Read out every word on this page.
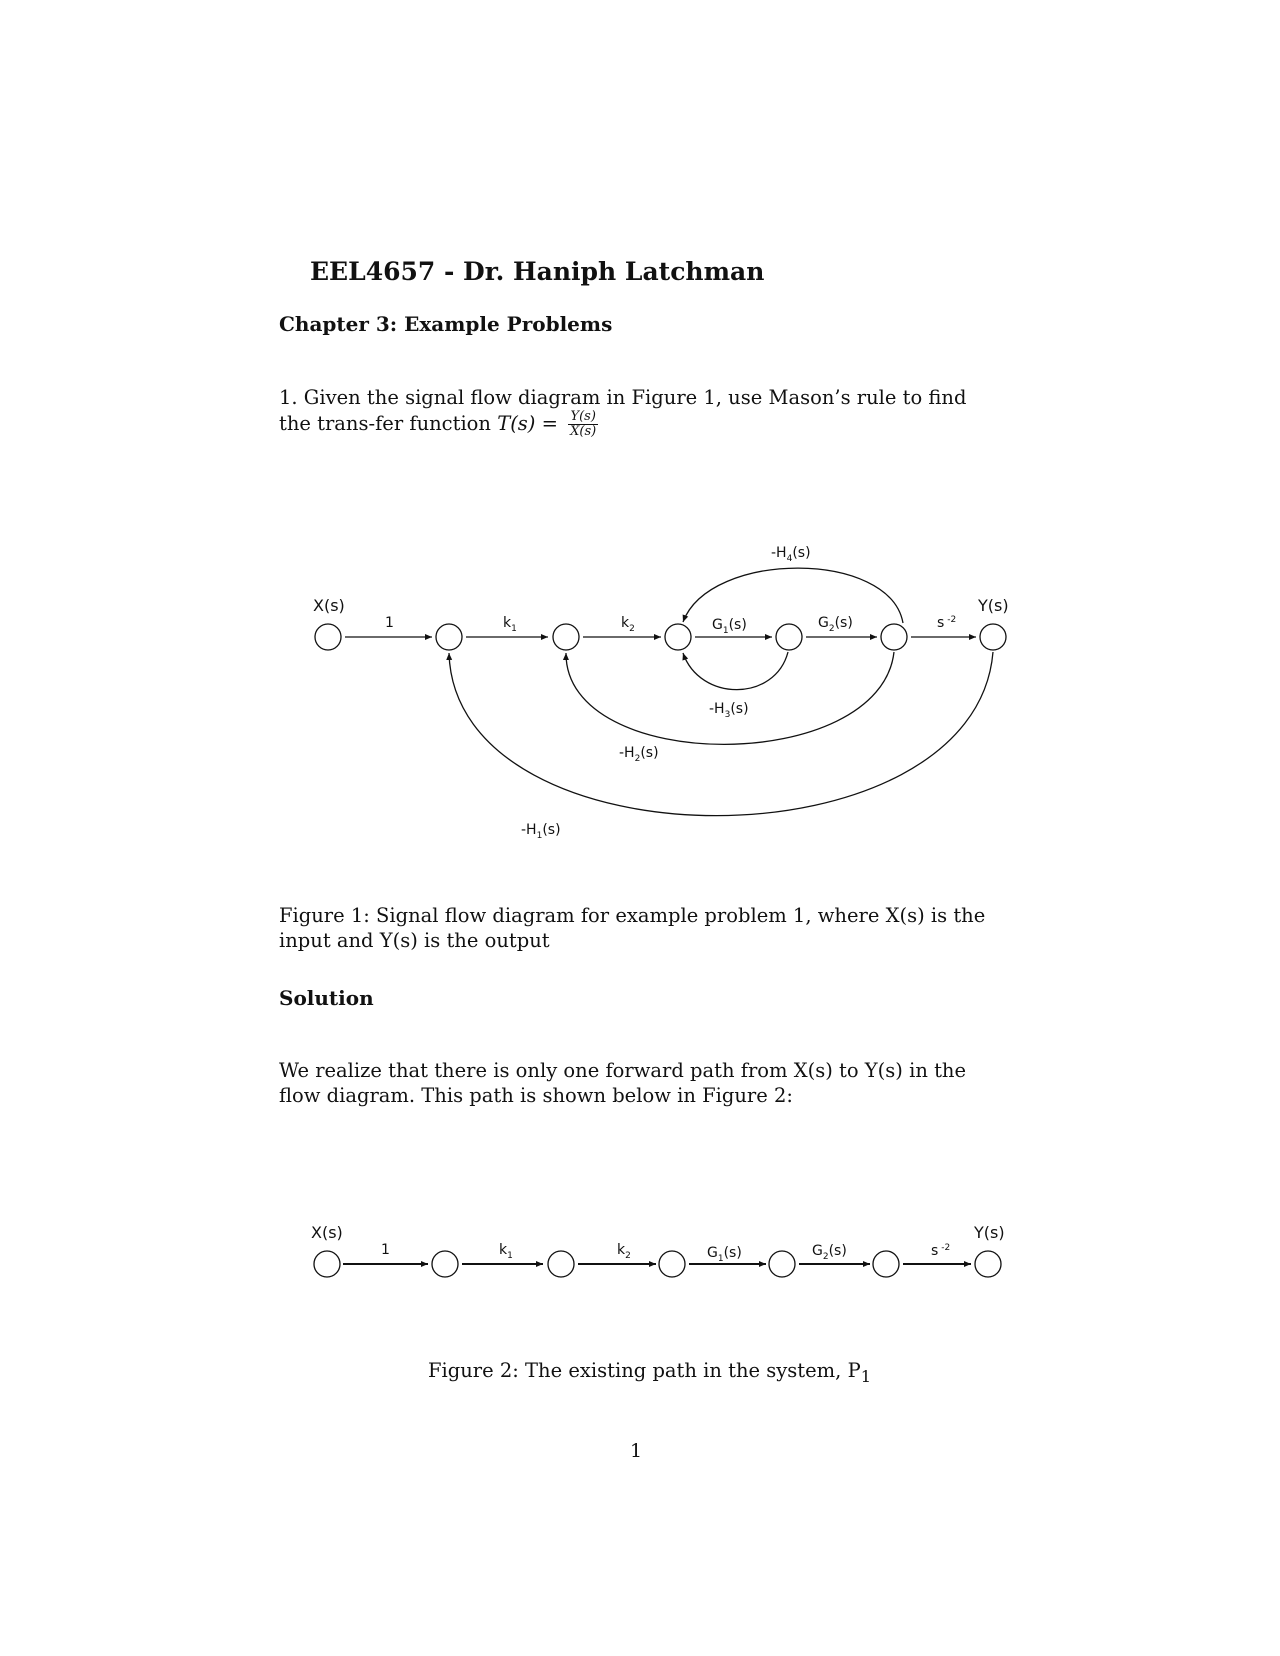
EEL4657 - Dr. Haniph Latchman
Chapter 3: Example Problems
1. Given the signal flow diagram in Figure 1, use Mason’s rule to find the trans-fer function $T(s) = \frac{Y(s)}{X(s)}$
X(s)	Y(s)
1	$k_1$	$k_2$	$G_1(s)$	$G_2(s)$	s $^{-2}$
$-H_4(s)$
$-H_3(s)$
$-H_2(s)$
$-H_1(s)$
Figure 1: Signal flow diagram for example problem 1, where X(s) is the input and Y(s) is the output
Solution
We realize that there is only one forward path from X(s) to Y(s) in the flow diagram. This path is shown below in Figure 2:
X(s)	Y(s)
1	$k_1$	$k_2$	$G_1(s)$	$G_2(s)$	s $^{-2}$
Figure 2: The existing path in the system, $P_1$
1
